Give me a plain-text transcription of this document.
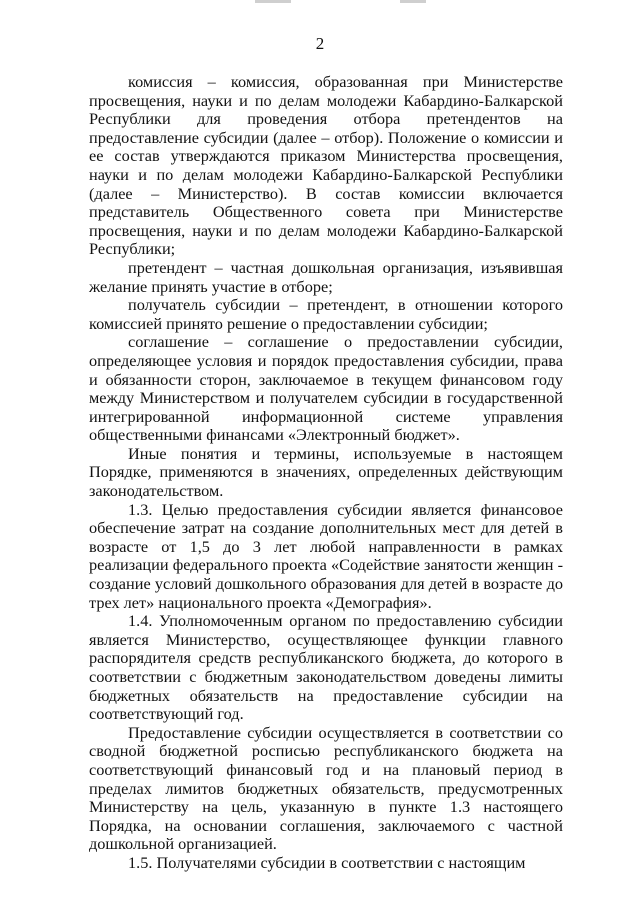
2

комиссия – комиссия, образованная при Министерстве просвещения, науки и по делам молодежи Кабардино-Балкарской Республики для проведения отбора претендентов на предоставление субсидии (далее – отбор). Положение о комиссии и ее состав утверждаются приказом Министерства просвещения, науки и по делам молодежи Кабардино-Балкарской Республики (далее – Министерство). В состав комиссии включается представитель Общественного совета при Министерстве просвещения, науки и по делам молодежи Кабардино-Балкарской Республики;

претендент – частная дошкольная организация, изъявившая желание принять участие в отборе;

получатель субсидии – претендент, в отношении которого комиссией принято решение о предоставлении субсидии;

соглашение – соглашение о предоставлении субсидии, определяющее условия и порядок предоставления субсидии, права и обязанности сторон, заключаемое в текущем финансовом году между Министерством и получателем субсидии в государственной интегрированной информационной системе управления общественными финансами «Электронный бюджет».

Иные понятия и термины, используемые в настоящем Порядке, применяются в значениях, определенных действующим законодательством.

1.3. Целью предоставления субсидии является финансовое обеспечение затрат на создание дополнительных мест для детей в возрасте от 1,5 до 3 лет любой направленности в рамках реализации федерального проекта «Содействие занятости женщин - создание условий дошкольного образования для детей в возрасте до трех лет» национального проекта «Демография».

1.4. Уполномоченным органом по предоставлению субсидии является Министерство, осуществляющее функции главного распорядителя средств республиканского бюджета, до которого в соответствии с бюджетным законодательством доведены лимиты бюджетных обязательств на предоставление субсидии на соответствующий год.

Предоставление субсидии осуществляется в соответствии со сводной бюджетной росписью республиканского бюджета на соответствующий финансовый год и на плановый период в пределах лимитов бюджетных обязательств, предусмотренных Министерству на цель, указанную в пункте 1.3 настоящего Порядка, на основании соглашения, заключаемого с частной дошкольной организацией.

1.5. Получателями субсидии в соответствии с настоящим
